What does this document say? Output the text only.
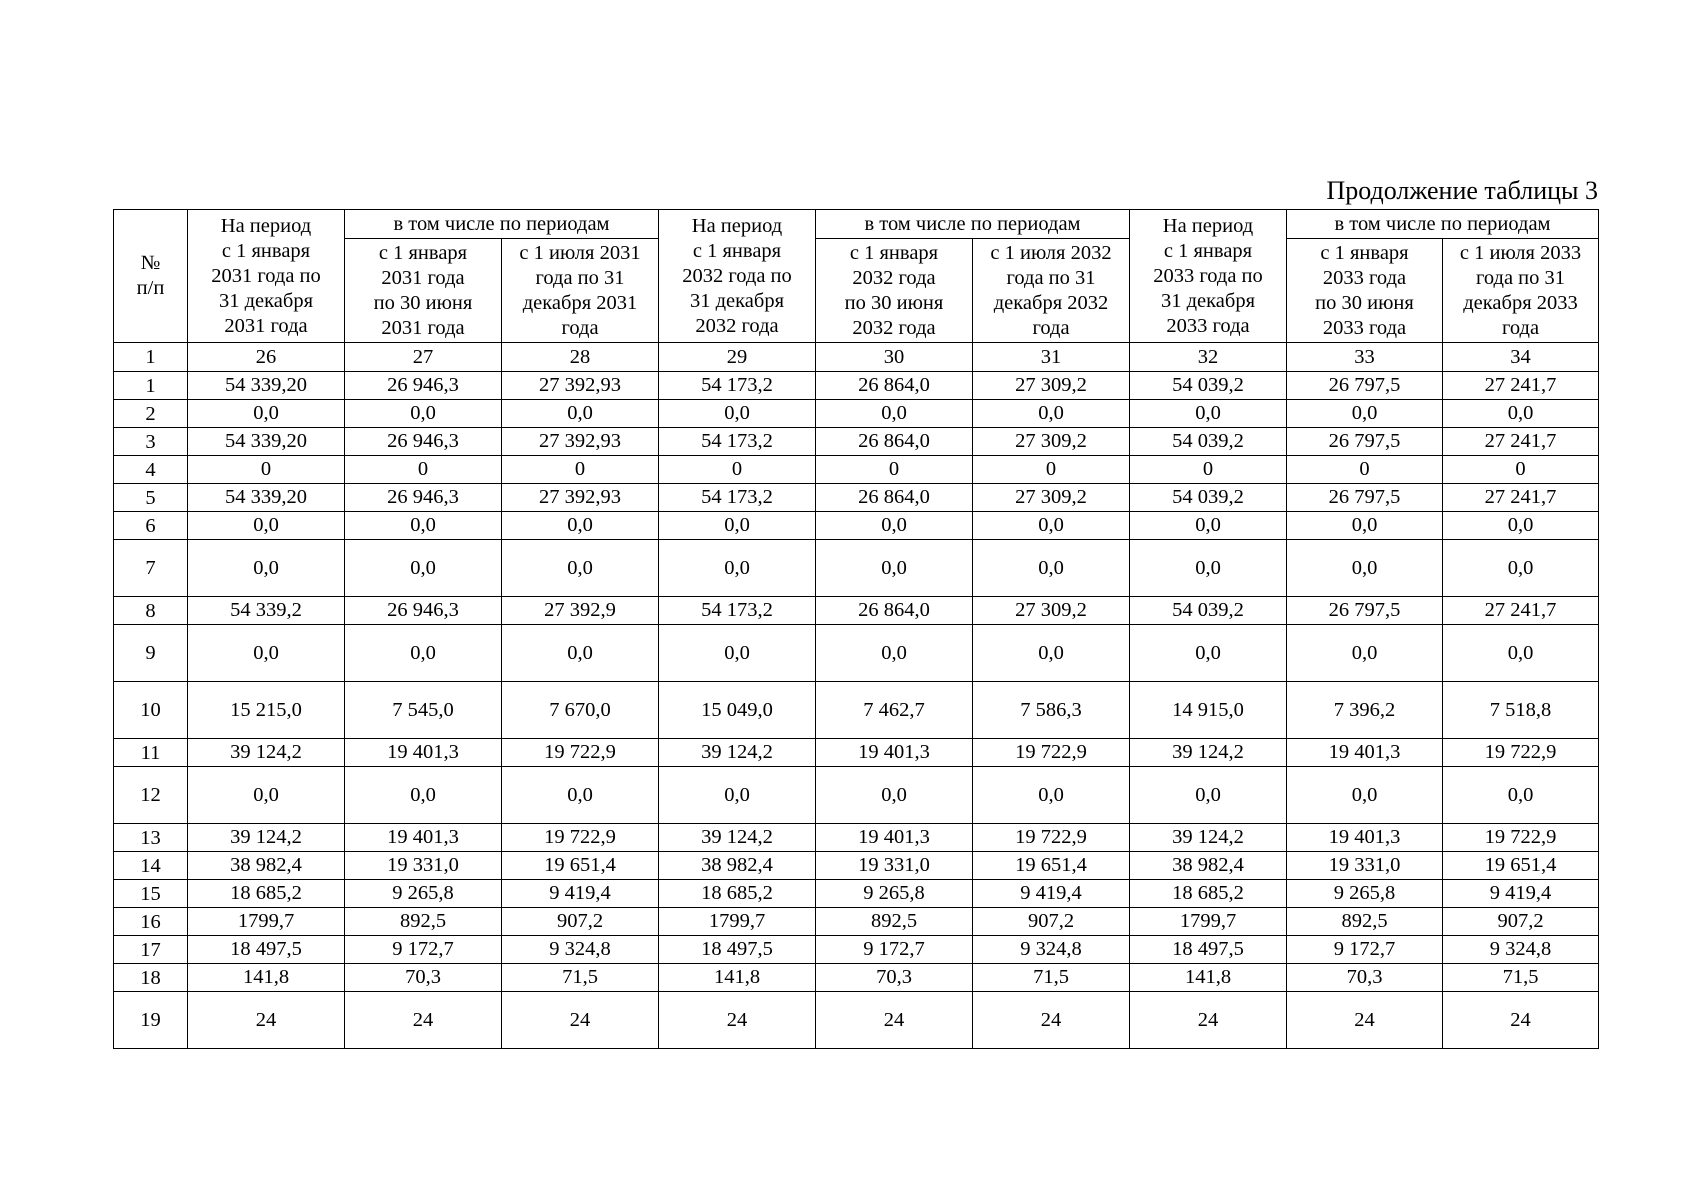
Продолжение таблицы 3
№
п/п	На период
с 1 января
2031 года по
31 декабря
2031 года	в том числе по периодам		На период
с 1 января
2032 года по
31 декабря
2032 года	в том числе по периодам		На период
с 1 января
2033 года по
31 декабря
2033 года	в том числе по периодам	
		с 1 января
2031 года
по 30 июня
2031 года	с 1 июля 2031
года по 31
декабря 2031
года		с 1 января
2032 года
по 30 июня
2032 года	с 1 июля 2032
года по 31
декабря 2032
года		с 1 января
2033 года
по 30 июня
2033 года	с 1 июля 2033
года по 31
декабря 2033
года
1	26	27	28	29	30	31	32	33	34
1	54 339,20	26 946,3	27 392,93	54 173,2	26 864,0	27 309,2	54 039,2	26 797,5	27 241,7
2	0,0	0,0	0,0	0,0	0,0	0,0	0,0	0,0	0,0
3	54 339,20	26 946,3	27 392,93	54 173,2	26 864,0	27 309,2	54 039,2	26 797,5	27 241,7
4	0	0	0	0	0	0	0	0	0
5	54 339,20	26 946,3	27 392,93	54 173,2	26 864,0	27 309,2	54 039,2	26 797,5	27 241,7
6	0,0	0,0	0,0	0,0	0,0	0,0	0,0	0,0	0,0
7	0,0	0,0	0,0	0,0	0,0	0,0	0,0	0,0	0,0
8	54 339,2	26 946,3	27 392,9	54 173,2	26 864,0	27 309,2	54 039,2	26 797,5	27 241,7
9	0,0	0,0	0,0	0,0	0,0	0,0	0,0	0,0	0,0
10	15 215,0	7 545,0	7 670,0	15 049,0	7 462,7	7 586,3	14 915,0	7 396,2	7 518,8
11	39 124,2	19 401,3	19 722,9	39 124,2	19 401,3	19 722,9	39 124,2	19 401,3	19 722,9
12	0,0	0,0	0,0	0,0	0,0	0,0	0,0	0,0	0,0
13	39 124,2	19 401,3	19 722,9	39 124,2	19 401,3	19 722,9	39 124,2	19 401,3	19 722,9
14	38 982,4	19 331,0	19 651,4	38 982,4	19 331,0	19 651,4	38 982,4	19 331,0	19 651,4
15	18 685,2	9 265,8	9 419,4	18 685,2	9 265,8	9 419,4	18 685,2	9 265,8	9 419,4
16	1799,7	892,5	907,2	1799,7	892,5	907,2	1799,7	892,5	907,2
17	18 497,5	9 172,7	9 324,8	18 497,5	9 172,7	9 324,8	18 497,5	9 172,7	9 324,8
18	141,8	70,3	71,5	141,8	70,3	71,5	141,8	70,3	71,5
19	24	24	24	24	24	24	24	24	24
